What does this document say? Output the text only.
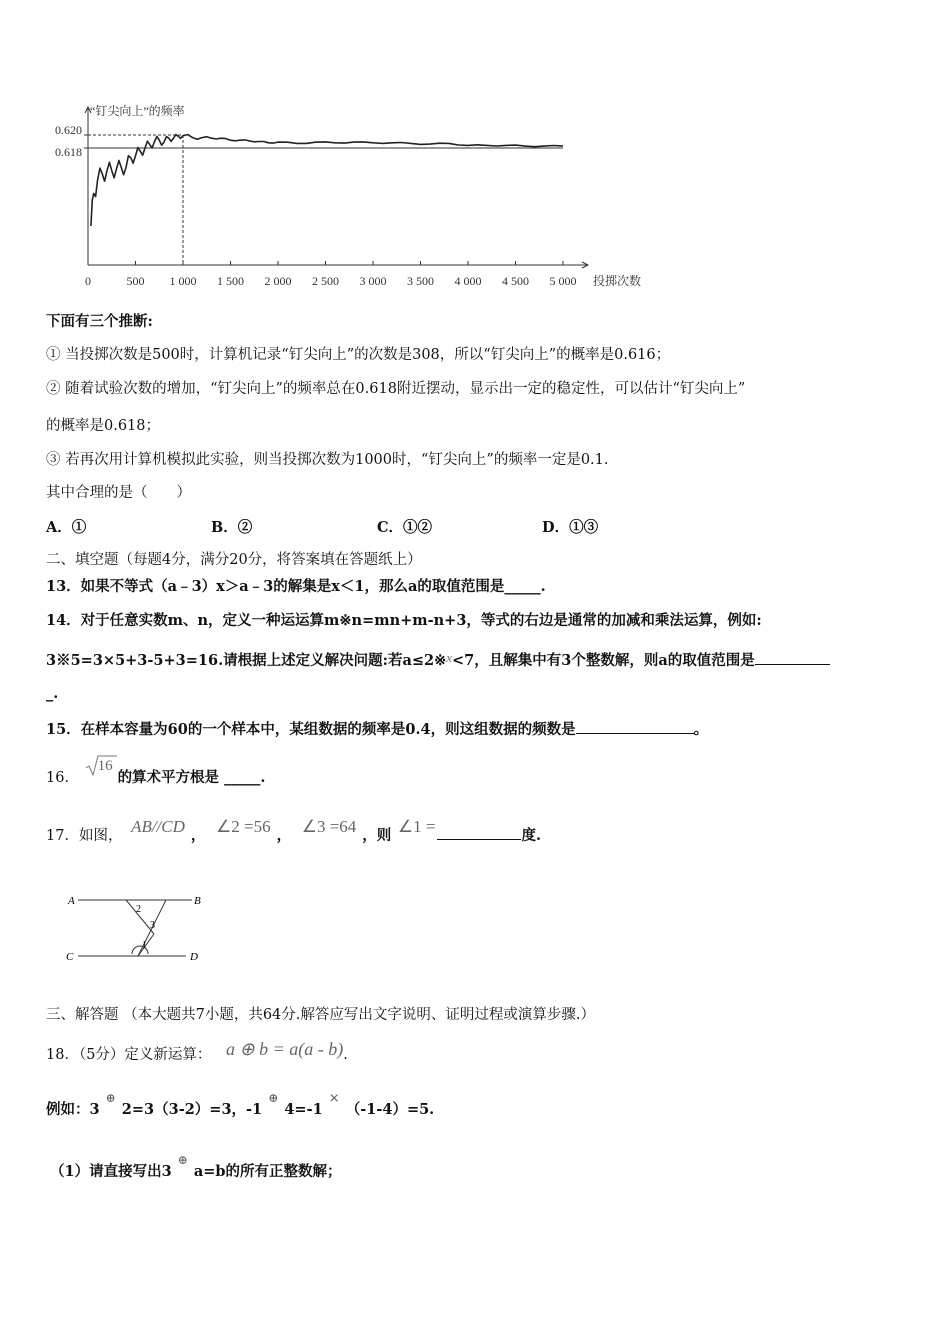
0	500 1 000 1 500 2 000 2 500 3 000 3 500 4 000 4 500 5 000
0.620
0.618
“钉尖向上”的频率
投掷次数
下面有三个推断:
① 当投掷次数是500时，计算机记录“钉尖向上”的次数是308，所以“钉尖向上”的概率是0.616；
② 随着试验次数的增加，“钉尖向上”的频率总在0.618附近摆动，显示出一定的稳定性，可以估计“钉尖向上”
的概率是0.618；
③ 若再次用计算机模拟此实验，则当投掷次数为1000时，“钉尖向上”的频率一定是0.1.
其中合理的是（　　）
A．①	B．②	C．①②	D．①③
二、填空题（每题4分，满分20分，将答案填在答题纸上）
13．如果不等式（a﹣3）x＞a﹣3的解集是x＜1，那么a的取值范围是_____.
14．对于任意实数m、n，定义一种运运算m※n=mn+m-n+3，等式的右边是通常的加减和乘法运算，例如:
3※5=3×5+3-5+3=16.请根据上述定义解决问题:若a≤2※x<7，且解集中有3个整数解，则a的取值范围是
_.
15．在样本容量为60的一个样本中，某组数据的频率是0.4，则这组数据的频数是	。
16．
16
的算术平方根是 _____.
17．如图， AB//CD ， ∠2 =56 ， ∠3 =64 ，则 ∠1 =	度.
A	B
C	D
2
3
1
三、解答题 （本大题共7小题，共64分.解答应写出文字说明、证明过程或演算步骤.）
18．（5分）定义新运算： a ⊕ b = a(a - b).
例如：3 ⊕ 2=3（3-2）=3，-1 ⊕ 4=-1 × （-1-4）=5.
（1）请直接写出3 ⊕ a=b的所有正整数解；
